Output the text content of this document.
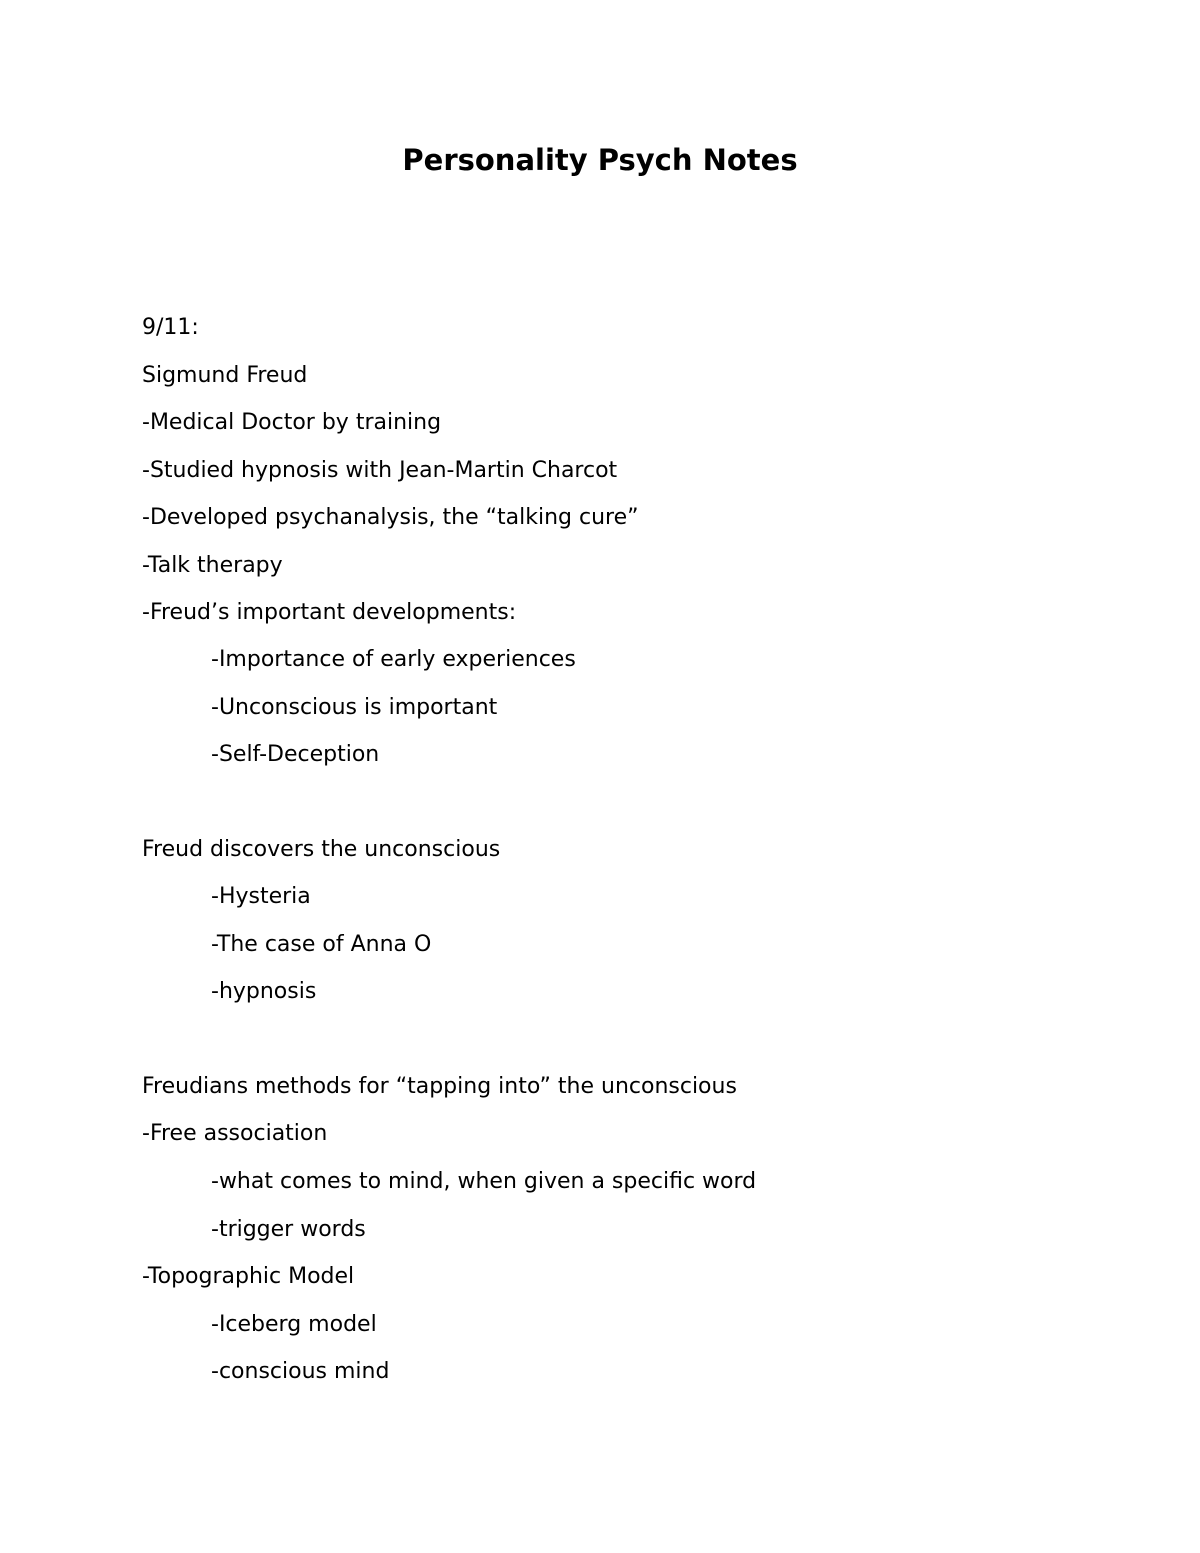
Personality Psych Notes
9/11:
Sigmund Freud
-Medical Doctor by training
-Studied hypnosis with Jean-Martin Charcot
-Developed psychanalysis, the “talking cure”
-Talk therapy
-Freud’s important developments:
-Importance of early experiences
-Unconscious is important
-Self-Deception
Freud discovers the unconscious
-Hysteria
-The case of Anna O
-hypnosis
Freudians methods for “tapping into” the unconscious
-Free association
-what comes to mind, when given a specific word
-trigger words
-Topographic Model
-Iceberg model
-conscious mind
